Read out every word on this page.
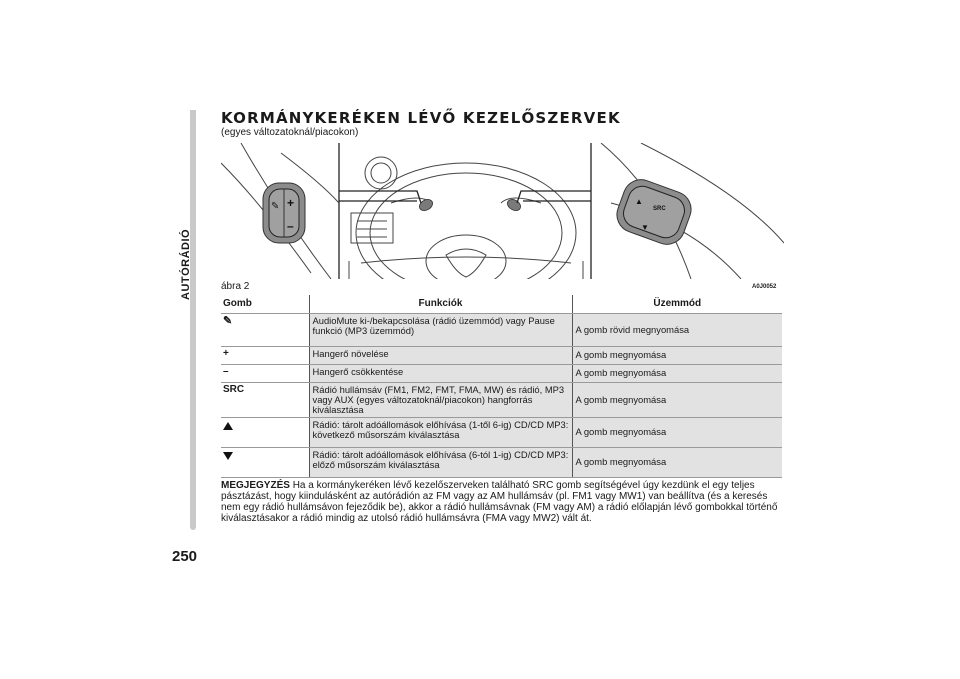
AUTÓRÁDIÓ
250
KORMÁNYKERÉKEN LÉVŐ KEZELŐSZERVEK
(egyes változatoknál/piacokon)
✎ +
–
▲
▼
SRC
ábra 2	A0J0052
Gomb	Funkciók	Üzemmód
✎	AudioMute ki-/bekapcsolása (rádió üzemmód) vagy Pause funkció (MP3 üzemmód)	A gomb rövid megnyomása
+	Hangerő növelése	A gomb megnyomása
–	Hangerő csökkentése	A gomb megnyomása
SRC	Rádió hullámsáv (FM1, FM2, FMT, FMA, MW) és rádió, MP3 vagy AUX (egyes változatoknál/piacokon) hangforrás kiválasztása	A gomb megnyomása
	Rádió: tárolt adóállomások előhívása (1-től 6-ig) CD/CD MP3: következő műsorszám kiválasztása	A gomb megnyomása
	Rádió: tárolt adóállomások előhívása (6-tól 1-ig) CD/CD MP3: előző műsorszám kiválasztása	A gomb megnyomása
MEGJEGYZÉS Ha a kormánykeréken lévő kezelőszerveken található SRC gomb segítségével úgy kezdünk el egy teljes pásztázást, hogy kiindulásként az autórádión az FM vagy az AM hullámsáv (pl. FM1 vagy MW1) van beállítva (és a keresés nem egy rádió hullámsávon fejeződik be), akkor a rádió hullámsávnak (FM vagy AM) a rádió előlapján lévő gombokkal történő kiválasztásakor a rádió mindig az utolsó rádió hullámsávra (FMA vagy MW2) vált át.
